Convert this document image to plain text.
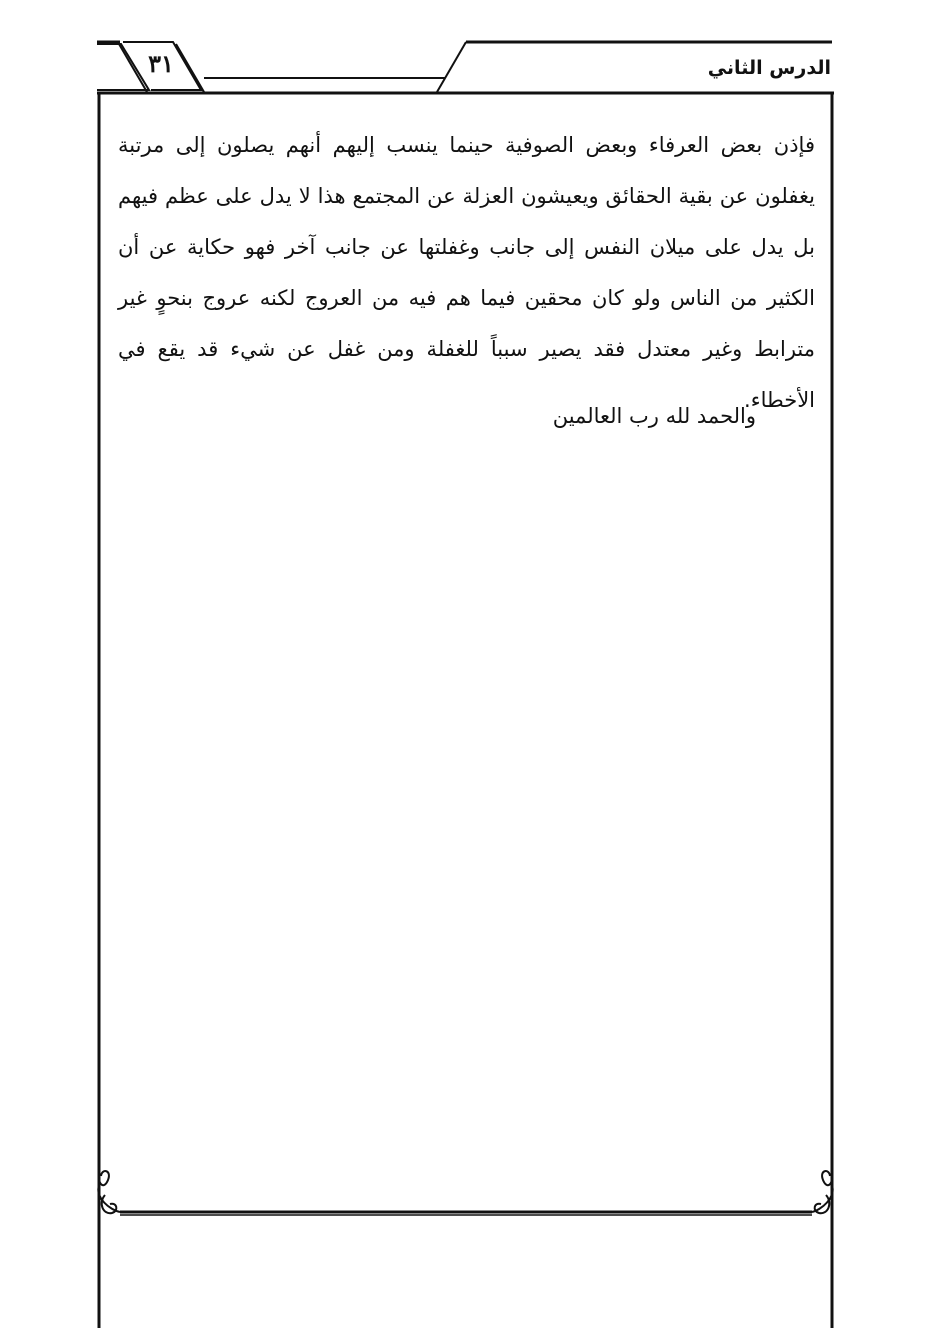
٣١	الدرس الثاني

فإذن بعض العرفاء وبعض الصوفية حينما ينسب إليهم أنهم يصلون إلى مرتبة يغفلون عن بقية الحقائق ويعيشون العزلة عن المجتمع هذا لا يدل على عظم فيهم بل يدل على ميلان النفس إلى جانب وغفلتها عن جانب آخر فهو حكاية عن أن الكثير من الناس ولو كان محقين فيما هم فيه من العروج لكنه عروج بنحوٍ غير مترابط وغير معتدل فقد يصير سبباً للغفلة ومن غفل عن شيء قد يقع في الأخطاء.

والحمد لله رب العالمين
